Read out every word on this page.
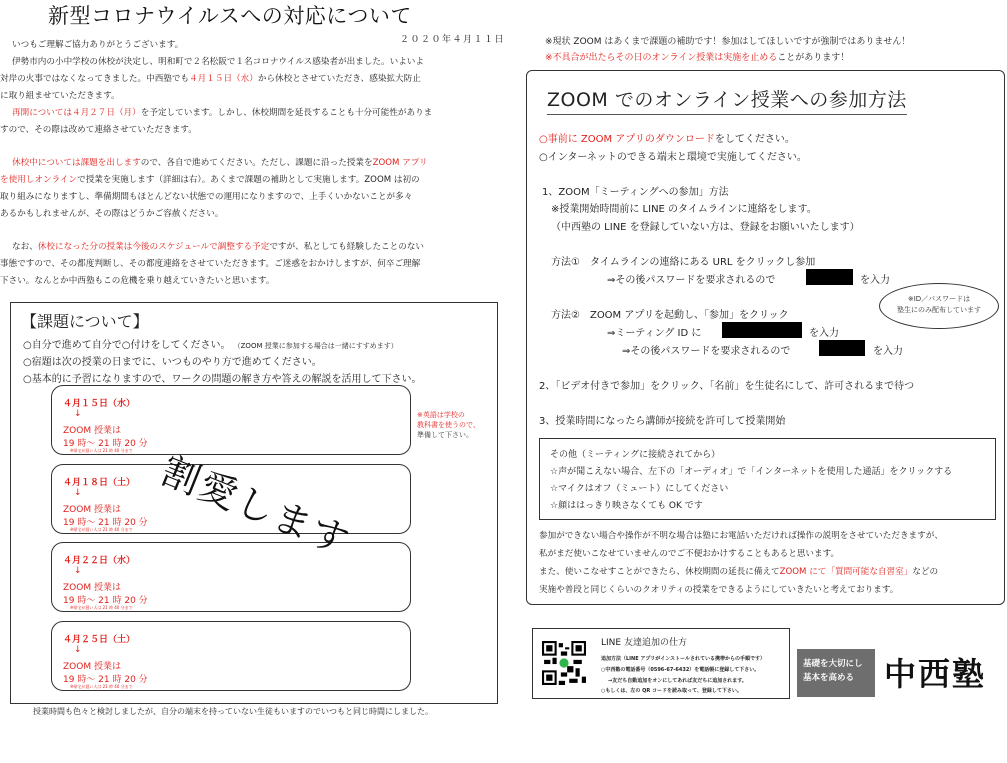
新型コロナウイルスへの対応について
２０２０年４月１１日
いつもご理解ご協力ありがとうございます。
伊勢市内の小中学校の休校が決定し、明和町で２名松阪で１名コロナウイルス感染者が出ました。いよいよ
対岸の火事ではなくなってきました。中西塾でも４月１５日（水）から休校とさせていただき、感染拡大防止
に取り組ませていただきます。
再開については４月２７日（月）を予定しています。しかし、休校期間を延長することも十分可能性がありま
すので、その際は改めて連絡させていただきます。
休校中については課題を出しますので、各自で進めてください。ただし、課題に沿った授業をZOOM アプリ
を使用しオンラインで授業を実施します（詳細は右）。あくまで課題の補助として実施します。ZOOM は初の
取り組みになりますし、準備期間もほとんどない状態での運用になりますので、上手くいかないことが多々
あるかもしれませんが、その際はどうかご容赦ください。
なお、休校になった分の授業は今後のスケジュールで調整する予定ですが、私としても経験したことのない
事態ですので、その都度判断し、その都度連絡をさせていただきます。ご迷惑をおかけしますが、何卒ご理解
下さい。なんとか中西塾もこの危機を乗り越えていきたいと思います。
【課題について】
○自分で進めて自分で○付けをしてください。 （ZOOM 授業に参加する場合は一緒にすすめます）
○宿題は次の授業の日までに、いつものやり方で進めてください。
○基本的に予習になりますので、ワークの問題の解き方や答えの解説を活用して下さい。
４月１５日（水）
↓
ZOOM 授業は
19 時～ 21 時 20 分
※帰宅が遅い人は 21 時 40 分まで
４月１８日（土）
↓
ZOOM 授業は
19 時～ 21 時 20 分
※帰宅が遅い人は 21 時 40 分まで
４月２２日（水）
↓
ZOOM 授業は
19 時～ 21 時 20 分
※帰宅が遅い人は 21 時 40 分まで
４月２５日（土）
↓
ZOOM 授業は
19 時～ 21 時 20 分
※帰宅が遅い人は 21 時 40 分まで
※英語は学校の
教科書を使うので、
準備して下さい。
割愛します
授業時間も色々と検討しましたが、自分の端末を持っていない生徒もいますのでいつもと同じ時間にしました。
※現状 ZOOM はあくまで課題の補助です！参加はしてほしいですが強制ではありません！
※不具合が出たらその日のオンライン授業は実施を止めることがあります！
ZOOM でのオンライン授業への参加方法
○事前に ZOOM アプリのダウンロードをしてください。
○インターネットのできる端末と環境で実施してください。
1、ZOOM「ミーティングへの参加」方法
※授業開始時間前に LINE のタイムラインに連絡をします。
（中西塾の LINE を登録していない方は、登録をお願いいたします）
方法①　タイムラインの連絡にある URL をクリックし参加
⇒その後パスワードを要求されるので	を入力
方法②　ZOOM アプリを起動し、「参加」をクリック
⇒ミーティング ID に	を入力
⇒その後パスワードを要求されるので	を入力
※ID／パスワードは
塾生にのみ配布しています
2、「ビデオ付きで参加」をクリック、「名前」を生徒名にして、許可されるまで待つ
3、授業時間になったら講師が接続を許可して授業開始
その他（ミーティングに接続されてから）
☆声が聞こえない場合、左下の「オーディオ」で「インターネットを使用した通話」をクリックする
☆マイクはオフ（ミュート）にしてください
☆顔ははっきり映さなくても OK です
参加ができない場合や操作が不明な場合は塾にお電話いただければ操作の説明をさせていただきますが、
私がまだ使いこなせていませんのでご不便おかけすることもあると思います。
また、使いこなせすことができたら、休校期間の延長に備えてZOOM にて「質問可能な自習室」などの
実施や普段と同じくらいのクオリティの授業をできるようにしていきたいと考えております。
LINE 友達追加の仕方
追加方法（LINE アプリがインストールされている携帯からの手順です）
○中西塾の電話番号（0596-67-6432）を電話帳に登録して下さい。
→友だち自動追加をオンにしてあれば友だちに追加されます。
○もしくは、左の QR コードを読み取って、登録して下さい。
基礎を大切にし
基本を高める 中西塾
